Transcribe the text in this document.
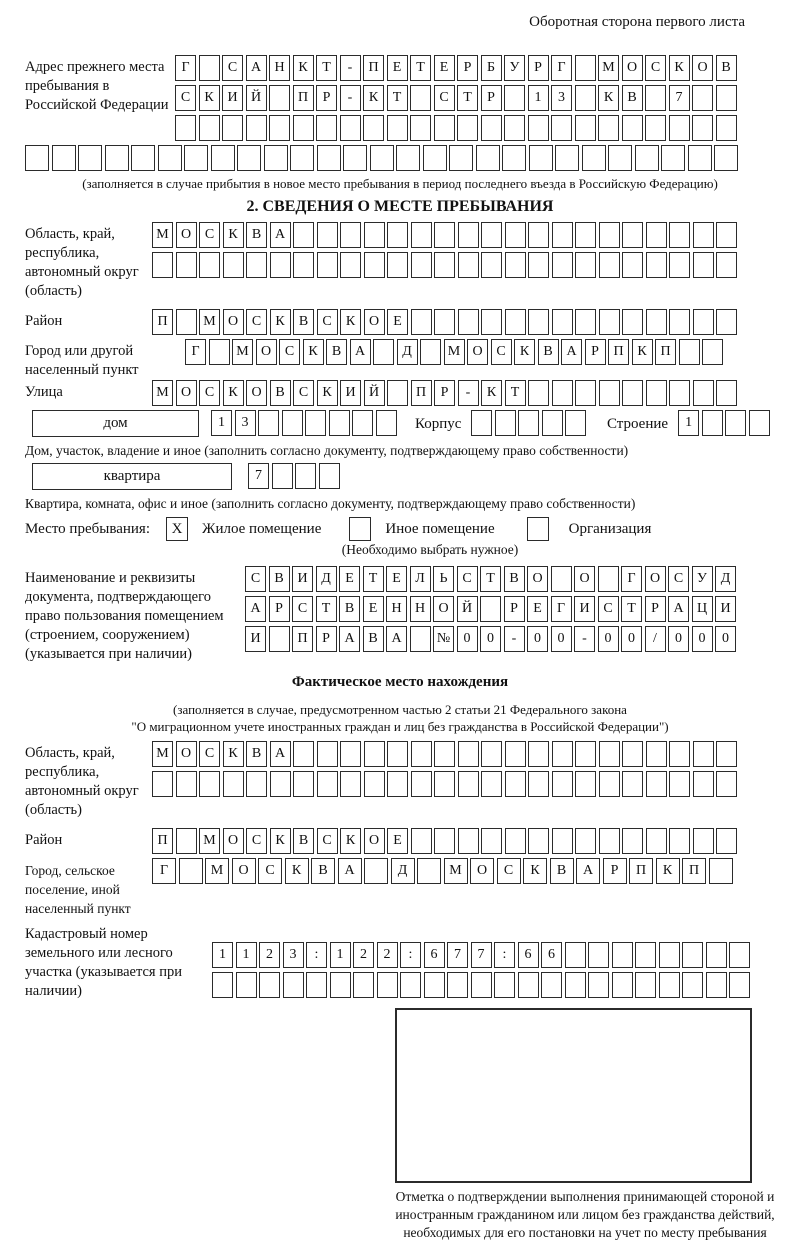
Оборотная сторона первого листа
Адрес прежнего места пребывания в Российской Федерации
Г	С А Н К Т - П Е Т Е Р Б У Р Г	М О С К О В
С К И Й	П Р - К Т	С Т Р	1 3	К В	7
(заполняется в случае прибытия в новое место пребывания в период последнего въезда в Российскую Федерацию)
2. СВЕДЕНИЯ О МЕСТЕ ПРЕБЫВАНИЯ
Область, край, республика, автономный округ (область)
М О С К В А
Район	П	М О С К В С К О Е
Город или другой населенный пункт
Г	М О С К В А	Д	М О С К В А Р П К П
Улица	М О С К О В С К И Й	П Р - К Т
дом	1 3	Корпус	Строение 1
Дом, участок, владение и иное (заполнить согласно документу, подтверждающему право собственности)
квартира	7
Квартира, комната, офис и иное (заполнить согласно документу, подтверждающему право собственности)
Место пребывания: X Жилое помещение	Иное помещение	Организация
(Необходимо выбрать нужное)
Наименование и реквизиты документа, подтверждающего право пользования помещением (строением, сооружением) (указывается при наличии)
С В И Д Е Т Е Л Ь С Т В О	О	Г О С У Д
А Р С Т В Е Н Н О Й	Р Е Г И С Т Р А Ц И
И	П Р А В А	№ 0 0 - 0 0 - 0 0 / 0 0 0
Фактическое место нахождения
(заполняется в случае, предусмотренном частью 2 статьи 21 Федерального закона
"О миграционном учете иностранных граждан и лиц без гражданства в Российской Федерации")
Область, край, республика, автономный округ (область)
М О С К В А
Район	П	М О С К В С К О Е
Город, сельское поселение, иной населенный пункт
Г	М О С К В А	Д	М О С К В А Р П К П
Кадастровый номер земельного или лесного участка (указывается при наличии)
1 1 2 3 : 1 2 2 : 6 7 7 : 6 6
Отметка о подтверждении выполнения принимающей стороной и иностранным гражданином или лицом без гражданства действий, необходимых для его постановки на учет по месту пребывания
